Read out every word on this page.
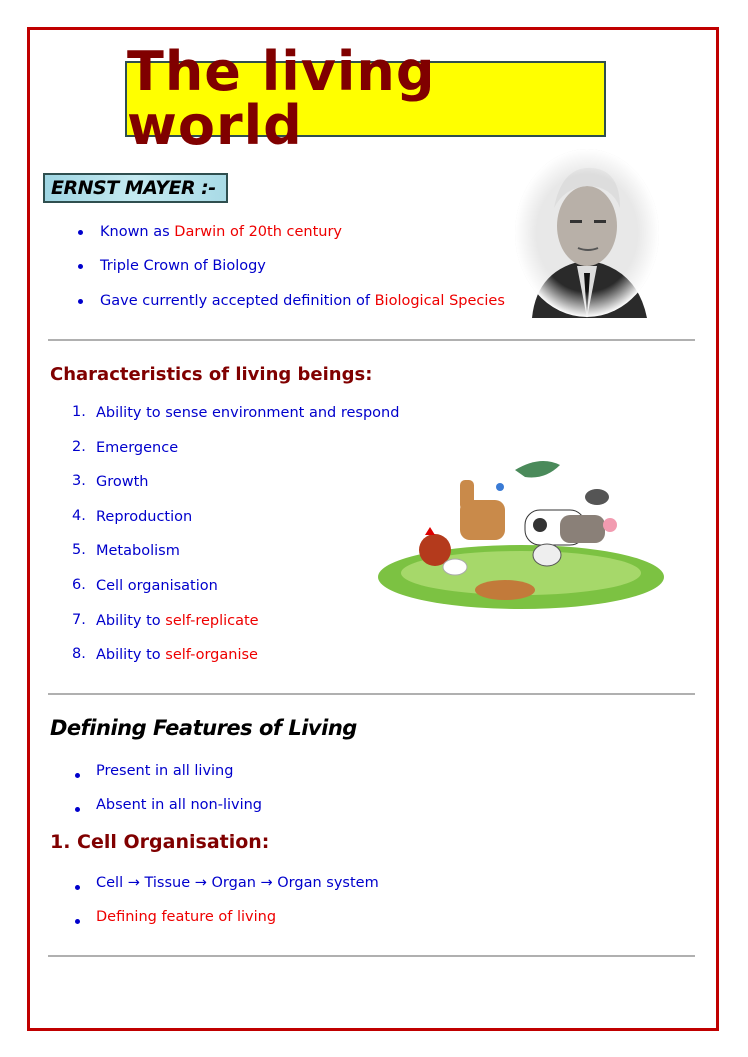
The living world
ERNST MAYER :-
Known as Darwin of 20th century
Triple Crown of Biology
Gave currently accepted definition of Biological Species
Characteristics of living beings:
1. Ability to sense environment and respond
2. Emergence
3. Growth
4. Reproduction
5. Metabolism
6. Cell organisation
7. Ability to self-replicate
8. Ability to self-organise
Defining Features of Living
Present in all living
Absent in all non-living
1. Cell Organisation:
Cell → Tissue → Organ → Organ system
Defining feature of living
